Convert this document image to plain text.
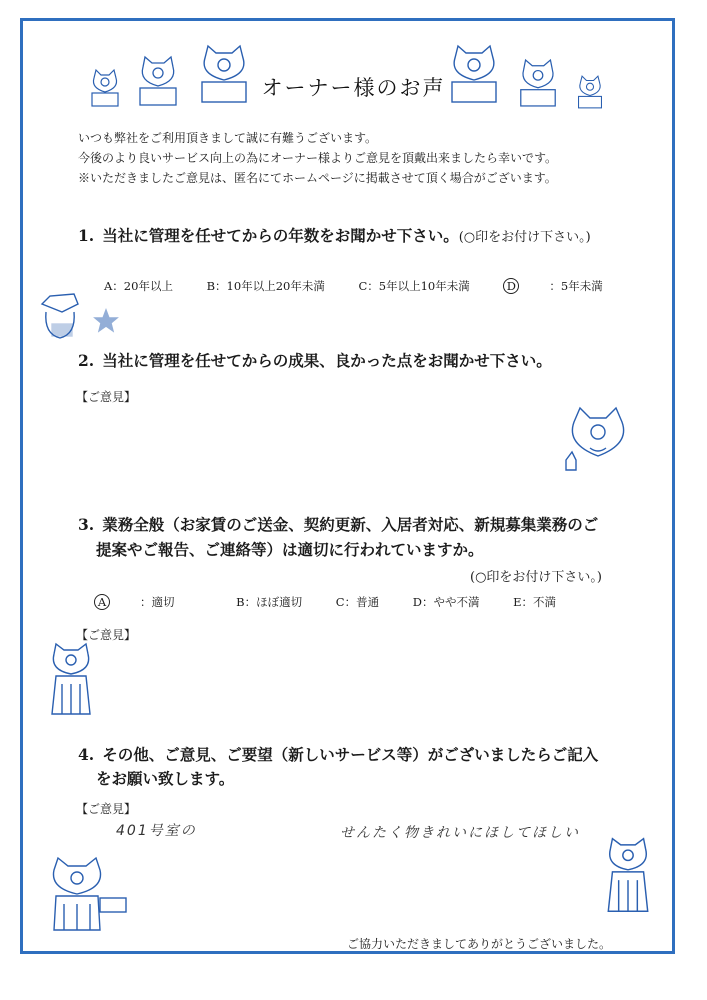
オーナー様のお声
いつも弊社をご利用頂きまして誠に有難うございます。
今後のより良いサービス向上の為にオーナー様よりご意見を頂戴出来ましたら幸いです。
※いただきましたご意見は、匿名にてホームページに掲載させて頂く場合がございます。
1. 当社に管理を任せてからの年数をお聞かせ下さい。(○印をお付け下さい。)
A：20年以上	B：10年以上20年未満	C：5年以上10年未満	D	：5年未満
2. 当社に管理を任せてからの成果、良かった点をお聞かせ下さい。
【ご意見】
3. 業務全般（お家賃のご送金、契約更新、入居者対応、新規募集業務のご
提案やご報告、ご連絡等）は適切に行われていますか。
(○印をお付け下さい。)
A	：適切	B：ほぼ適切	C：普通	D：やや不満	E：不満
【ご意見】
4. その他、ご意見、ご要望（新しいサービス等）がございましたらご記入
をお願い致します。
【ご意見】
401号室の	せんたく物きれいにほしてほしい
ご協力いただきましてありがとうございました。
